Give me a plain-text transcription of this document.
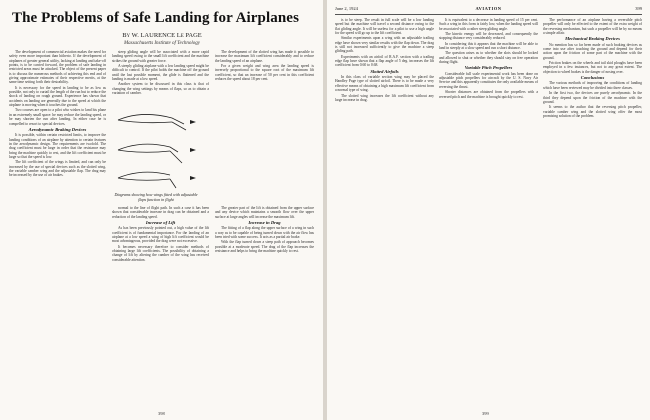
The Problems of Safe Landing for Airplanes
By W. LAURENCE Le PAGE
Massachusetts Institute of Technology

The development of commercial aviation makes the need for safety even more important than hitherto. If the development of airplanes of greater general utility, lacking at landing and take-off points, is to be carried forward, the problem of safe landing in restricted areas must be attacked. The object of the present paper is to discuss the numerous methods of achieving this end and of giving approximate estimates of their respective merits, at the same time setting forth their desirability.

It is necessary for the speed in landing to be as low as possible, not only to curtail the length of the run but to reduce the shock of landing on rough ground. Experience has shown that accidents on landing are generally due to the speed at which the airplane is moving when it touches the ground.

Two courses are open to a pilot who wishes to land his plane in an extremely small space: he may reduce the landing speed, or he may shorten the run after landing. In either case he is compelled to resort to special devices.

Aerodynamic Braking Devices

It is possible, within certain restricted limits, to improve the landing conditions of an airplane by attention to certain features in the aerodynamic design. The requirements are twofold. The drag coefficient must be large in order that the resistance may bring the machine quickly to rest, and the lift coefficient must be large so that the speed is low.

The lift coefficient of the wings is limited, and can only be increased by the use of special devices such as the slotted wing, the variable camber wing and the adjustable flap. The drag may be increased by the use of air brakes.

steep gliding angle will be associated with a more rapid landing speed owing to the small lift coefficient and the machine strikes the ground with greater force.

A steeply gliding airplane with a low landing speed might be difficult to control. If the pilot holds the machine off the ground until the last possible moment, the glide is flattened and the landing is made at a low speed.

Another system to be discussed in this class is that of changing the wing settings by means of flaps, so as to obtain a variation of camber.

The development of the slotted wing has made it possible to increase the maximum lift coefficient considerably and to reduce the landing speed of an airplane.

For a given weight and wing area the landing speed is inversely proportional to the square root of the maximum lift coefficient, so that an increase of 50 per cent in this coefficient reduces the speed about 18 per cent.

Diagrams showing how wings fitted with adjustable flaps function in flight

normal to the line of flight path. In such a case it has been shown that considerable increase in drag can be obtained and a reduction of the landing speed.

Increase of Lift

As has been previously pointed out, a high value of the lift coefficient is of fundamental importance. For the landing of an airplane at a low speed a wing of high lift coefficient would be most advantageous, provided the drag were not excessive.

It becomes necessary therefore to consider methods of obtaining large lift coefficients. The possibility of obtaining a change of lift by altering the camber of the wing has received considerable attention.

The greater part of the lift is obtained from the upper surface and any device which maintains a smooth flow over the upper surface at large angles will increase the maximum lift.

Increase in Drag

The fitting of a flap along the upper surface of a wing in such a way as to be capable of being turned down with the air flow has been tried with some success. It acts as a partial air brake.

With the flap turned down a steep path of approach becomes possible at a moderate speed. The drag of the flap increases the resistance and helps to bring the machine quickly to rest.

398
June 2, 1924	AVIATION	399

is to be steep. The result in full scale will be a low landing speed but the machine will travel a second distance owing to the flat gliding angle. It will be useless for a pilot to use a high angle for the speed will go up to the lift coefficient.

Similar experiments upon a wing with an adjustable trailing edge have shown very similar results with the flap down. The drag is still not increased sufficiently to give the machine a steep gliding path.

Experiments with an airfoil of R.A.F. section with a trailing edge flap have shown that a flap angle of 5 deg. increases the lift coefficient from 0.60 to 0.68.

Slotted Airfoils

In this class of variable section wing may be placed the Handley Page type of slotted airfoil. There is to be made a very effective means of obtaining a high maximum lift coefficient from a normal type of wing.

The slotted wing increases the lift coefficient without any large increase in drag.

It is equivalent to a decrease in landing speed of 15 per cent. Such a wing in this form is fairly low, when the landing speed will be associated with a rather steep gliding angle.

The kinetic energy will be decreased, and consequently the stopping distance very considerably reduced.

In considering this it appears that the machine will be able to land in steeply at a slow speed and run a short distance.

The question arises as to whether the slots should be locked and allowed to shut or whether they should stay on free operation during flight.

Variable Pitch Propellers

Considerable full scale experimental work has been done on adjustable pitch propellers for aircraft by the U. S. Navy Air Service and this apparently constitutes the only available means of reversing the thrust.

Shorter distances are obtained from the propellers with a reversed pitch and the machine is brought quickly to rest.

The performance of an airplane having a reversible pitch propeller will only be effected to the extent of the extra weight of the reversing mechanism, but such a propeller will be by no means a simple affair.

Mechanical Braking Devices

No mention has so far been made of such braking devices as come into use after touching the ground and depend for their action upon the friction of some part of the machine with the ground.

Friction brakes on the wheels and tail skid ploughs have been employed in a few instances, but not to any great extent. The objection to wheel brakes is the danger of nosing over.

Conclusions

The various methods of improving the conditions of landing which have been reviewed may be divided into three classes.

In the first two, the devices are purely aerodynamic. In the third they depend upon the friction of the machine with the ground.

It seems to the author that the reversing pitch propeller, variable camber wing and the slotted wing offer the most promising solution of the problem.

399
